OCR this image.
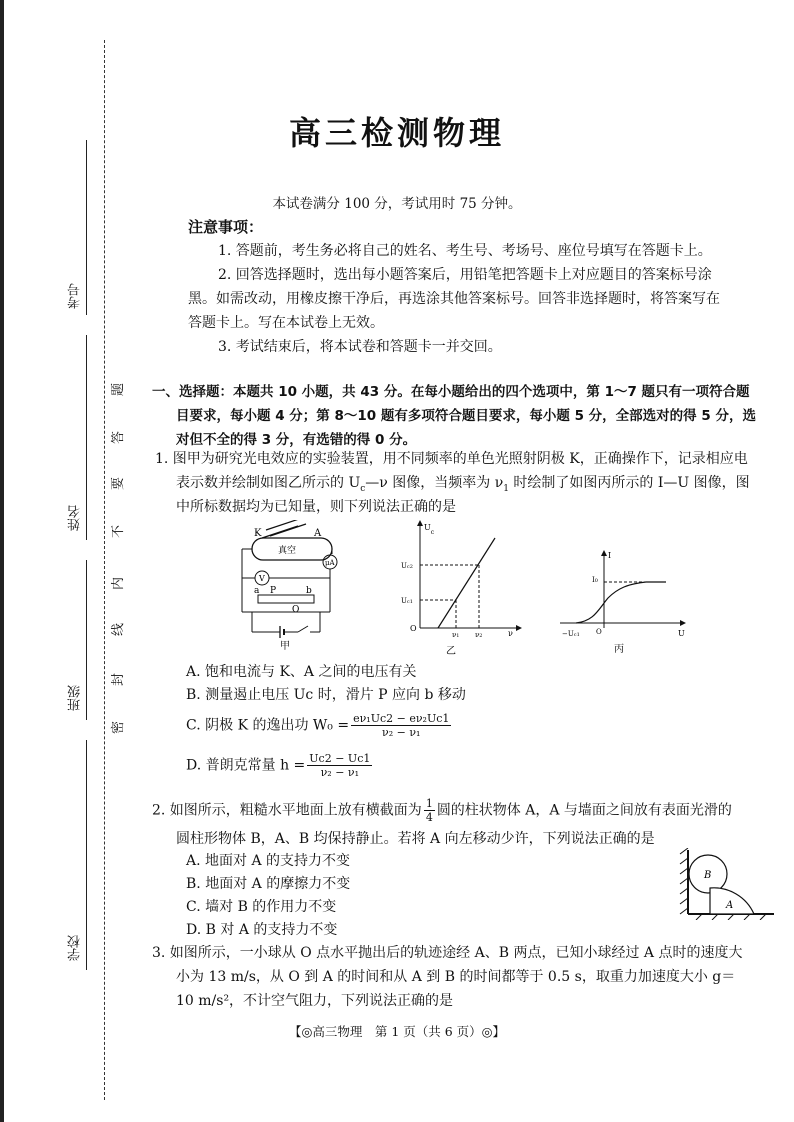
考号
姓名
班级
学校
题
答
要
不
内
线
封
密
高三检测物理
本试卷满分 100 分，考试用时 75 分钟。
注意事项：
1. 答题前，考生务必将自己的姓名、考生号、考场号、座位号填写在答题卡上。
2. 回答选择题时，选出每小题答案后，用铅笔把答题卡上对应题目的答案标号涂
黑。如需改动，用橡皮擦干净后，再选涂其他答案标号。回答非选择题时，将答案写在
答题卡上。写在本试卷上无效。
3. 考试结束后，将本试卷和答题卡一并交回。
一、选择题：本题共 10 小题，共 43 分。在每小题给出的四个选项中，第 1～7 题只有一项符合题
目要求，每小题 4 分；第 8～10 题有多项符合题目要求，每小题 5 分，全部选对的得 5 分，选
对但不全的得 3 分，有选错的得 0 分。
1. 图甲为研究光电效应的实验装置，用不同频率的单色光照射阴极 K，正确操作下，记录相应电
表示数并绘制如图乙所示的 $U_c—\nu$ 图像，当频率为 $\nu_1$ 时绘制了如图丙所示的 I—U 图像，图
中所标数据均为已知量，则下列说法正确的是
K	A
真空
μA
V
a P	b
O
甲
$U_c$
Uc2
Uc1
O
ν1 ν2	ν
乙
I
I0
−Uc1 O	U
丙
A. 饱和电流与 K、A 之间的电压有关
B. 测量遏止电压 Uc 时，滑片 P 应向 b 移动
C. 阴极 K 的逸出功 $W_0 = \frac{\text{eν₁Uc2 − eν₂Uc1}}{\text{ν₂ − ν₁}}$
D. 普朗克常量 $h = \frac{Uc2 - Uc1}{\text{ν₂ − ν₁}}$
2. 如图所示，粗糙水平地面上放有横截面为 $\frac{1}{4}$ 圆的柱状物体 A，A 与墙面之间放有表面光滑的
圆柱形物体 B，A、B 均保持静止。若将 A 向左移动少许，下列说法正确的是
A. 地面对 A 的支持力不变
B. 地面对 A 的摩擦力不变
C. 墙对 B 的作用力不变
D. B 对 A 的支持力不变
B
A
3. 如图所示，一小球从 O 点水平抛出后的轨迹途经 A、B 两点，已知小球经过 A 点时的速度大
小为 13 m/s，从 O 到 A 的时间和从 A 到 B 的时间都等于 0.5 s，取重力加速度大小 g＝
10 m/s²，不计空气阻力，下列说法正确的是
【◎高三物理　第 1 页（共 6 页）◎】
